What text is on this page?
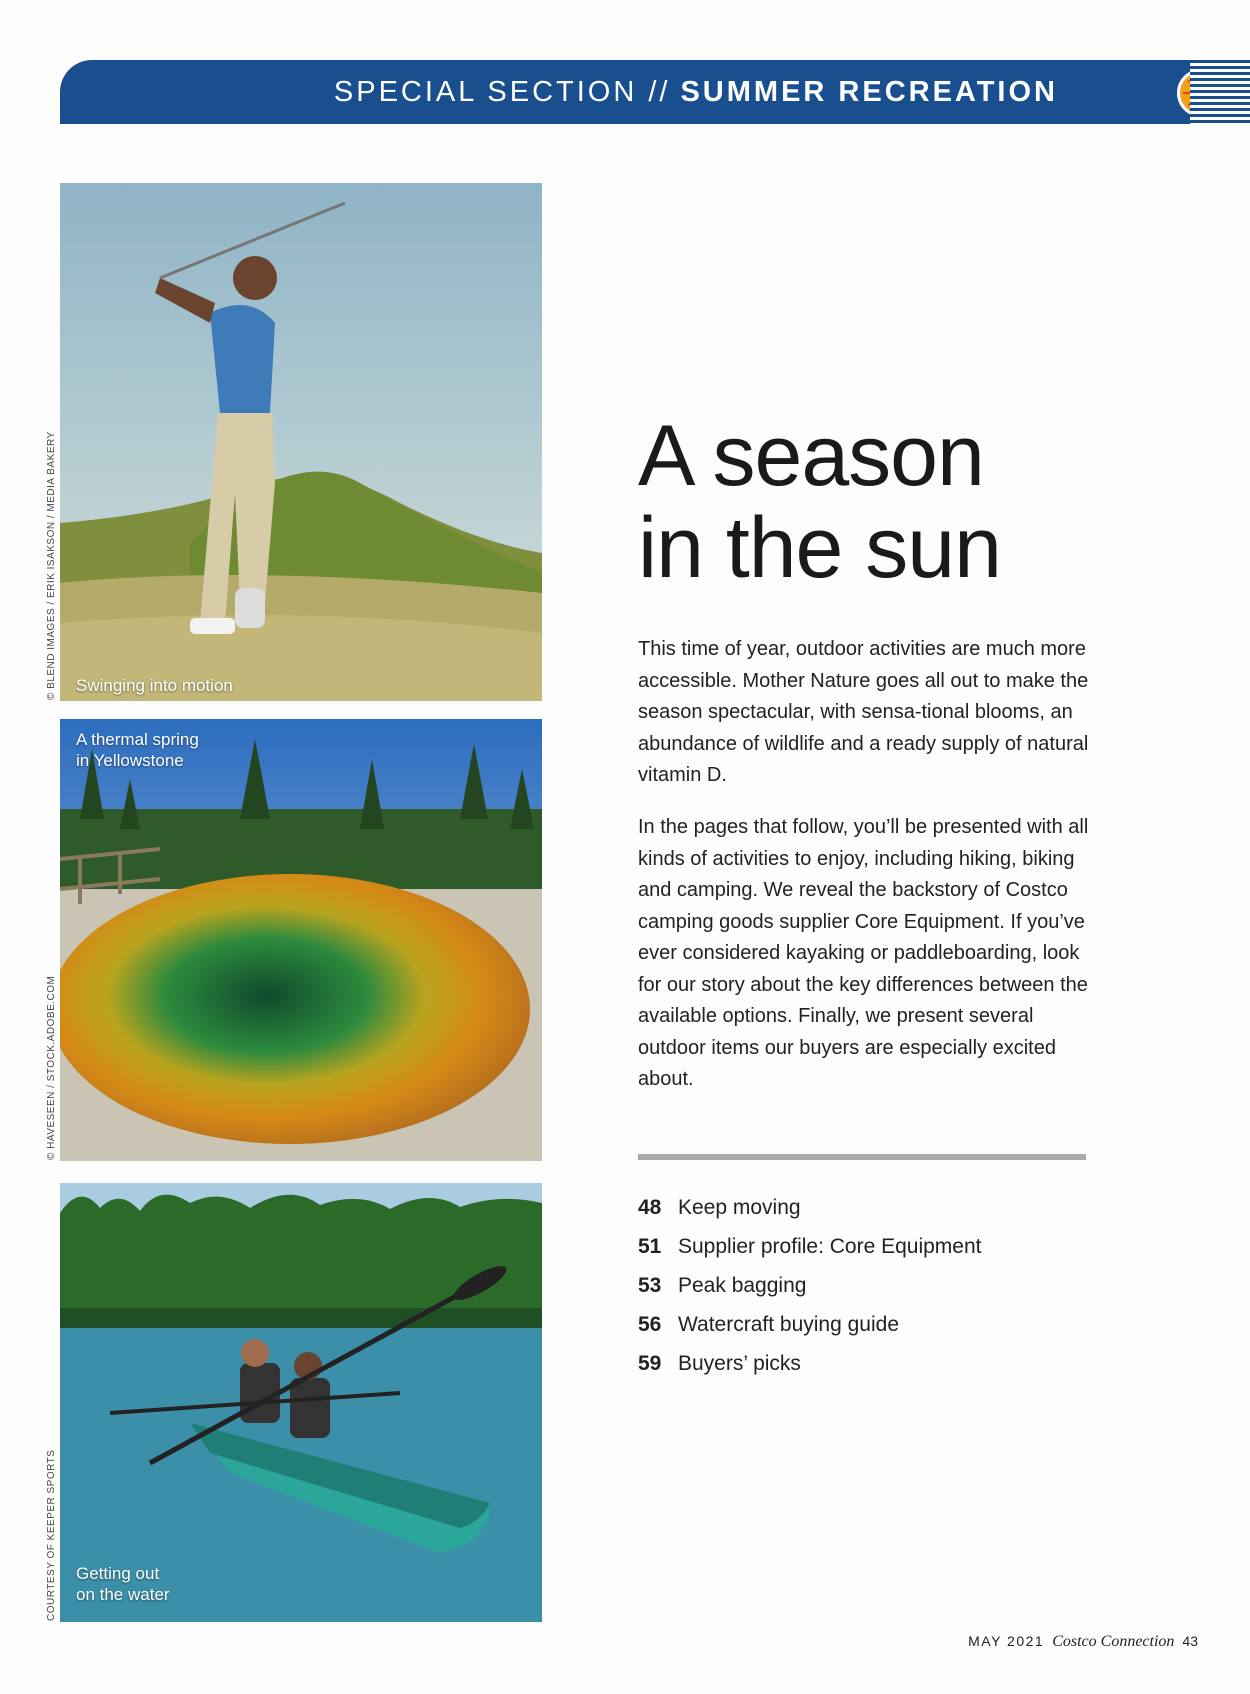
SPECIAL SECTION // SUMMER RECREATION
Swinging into motion
© BLEND IMAGES / ERIK ISAKSON / MEDIA BAKERY
A thermal spring
in Yellowstone
© HAVESEEN / STOCK.ADOBE.COM
Getting out
on the water
COURTESY OF KEEPER SPORTS
A season
in the sun

This time of year, outdoor activities are much more accessible. Mother Nature goes all out to make the season spectacular, with sensa-tional blooms, an abundance of wildlife and a ready supply of natural vitamin D.

In the pages that follow, you’ll be presented with all kinds of activities to enjoy, including hiking, biking and camping. We reveal the backstory of Costco camping goods supplier Core Equipment. If you’ve ever considered kayaking or paddleboarding, look for our story about the key differences between the available options. Finally, we present several outdoor items our buyers are especially excited about.

48 Keep moving
51 Supplier profile: Core Equipment
53 Peak bagging
56 Watercraft buying guide
59 Buyers’ picks
MAY 2021 Costco Connection 43
